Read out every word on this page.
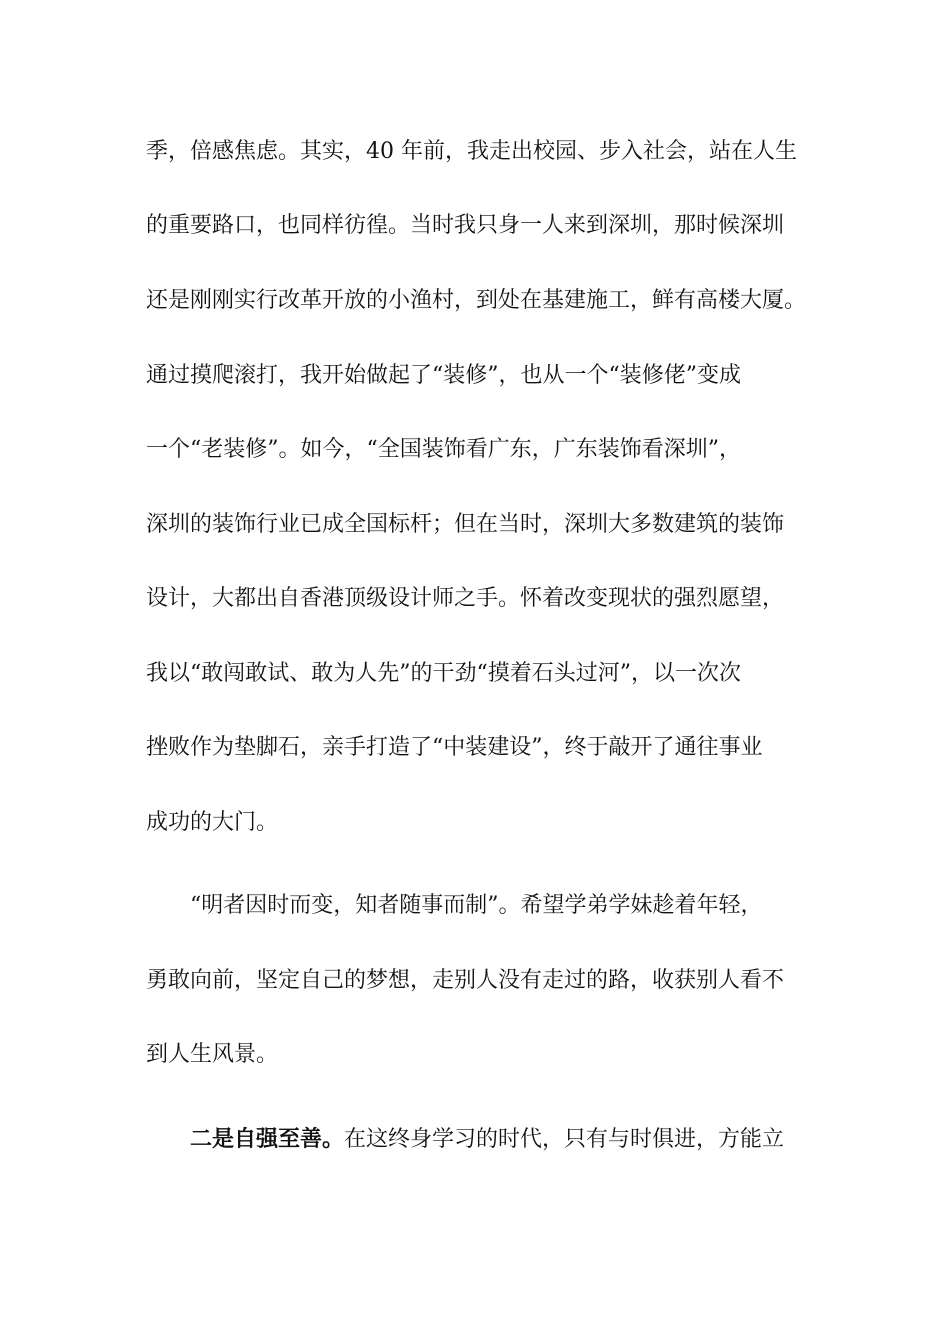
季，倍感焦虑。其实，40 年前，我走出校园、步入社会，站在人生
的重要路口，也同样彷徨。当时我只身一人来到深圳，那时候深圳
还是刚刚实行改革开放的小渔村，到处在基建施工，鲜有高楼大厦。
通过摸爬滚打，我开始做起了“装修”，也从一个“装修佬”变成
一个“老装修”。如今，“全国装饰看广东，广东装饰看深圳”，
深圳的装饰行业已成全国标杆；但在当时，深圳大多数建筑的装饰
设计，大都出自香港顶级设计师之手。怀着改变现状的强烈愿望，
我以“敢闯敢试、敢为人先”的干劲“摸着石头过河”，以一次次
挫败作为垫脚石，亲手打造了“中装建设”，终于敲开了通往事业
成功的大门。
“明者因时而变，知者随事而制”。希望学弟学妹趁着年轻，
勇敢向前，坚定自己的梦想，走别人没有走过的路，收获别人看不
到人生风景。
二是自强至善。在这终身学习的时代，只有与时俱进，方能立
